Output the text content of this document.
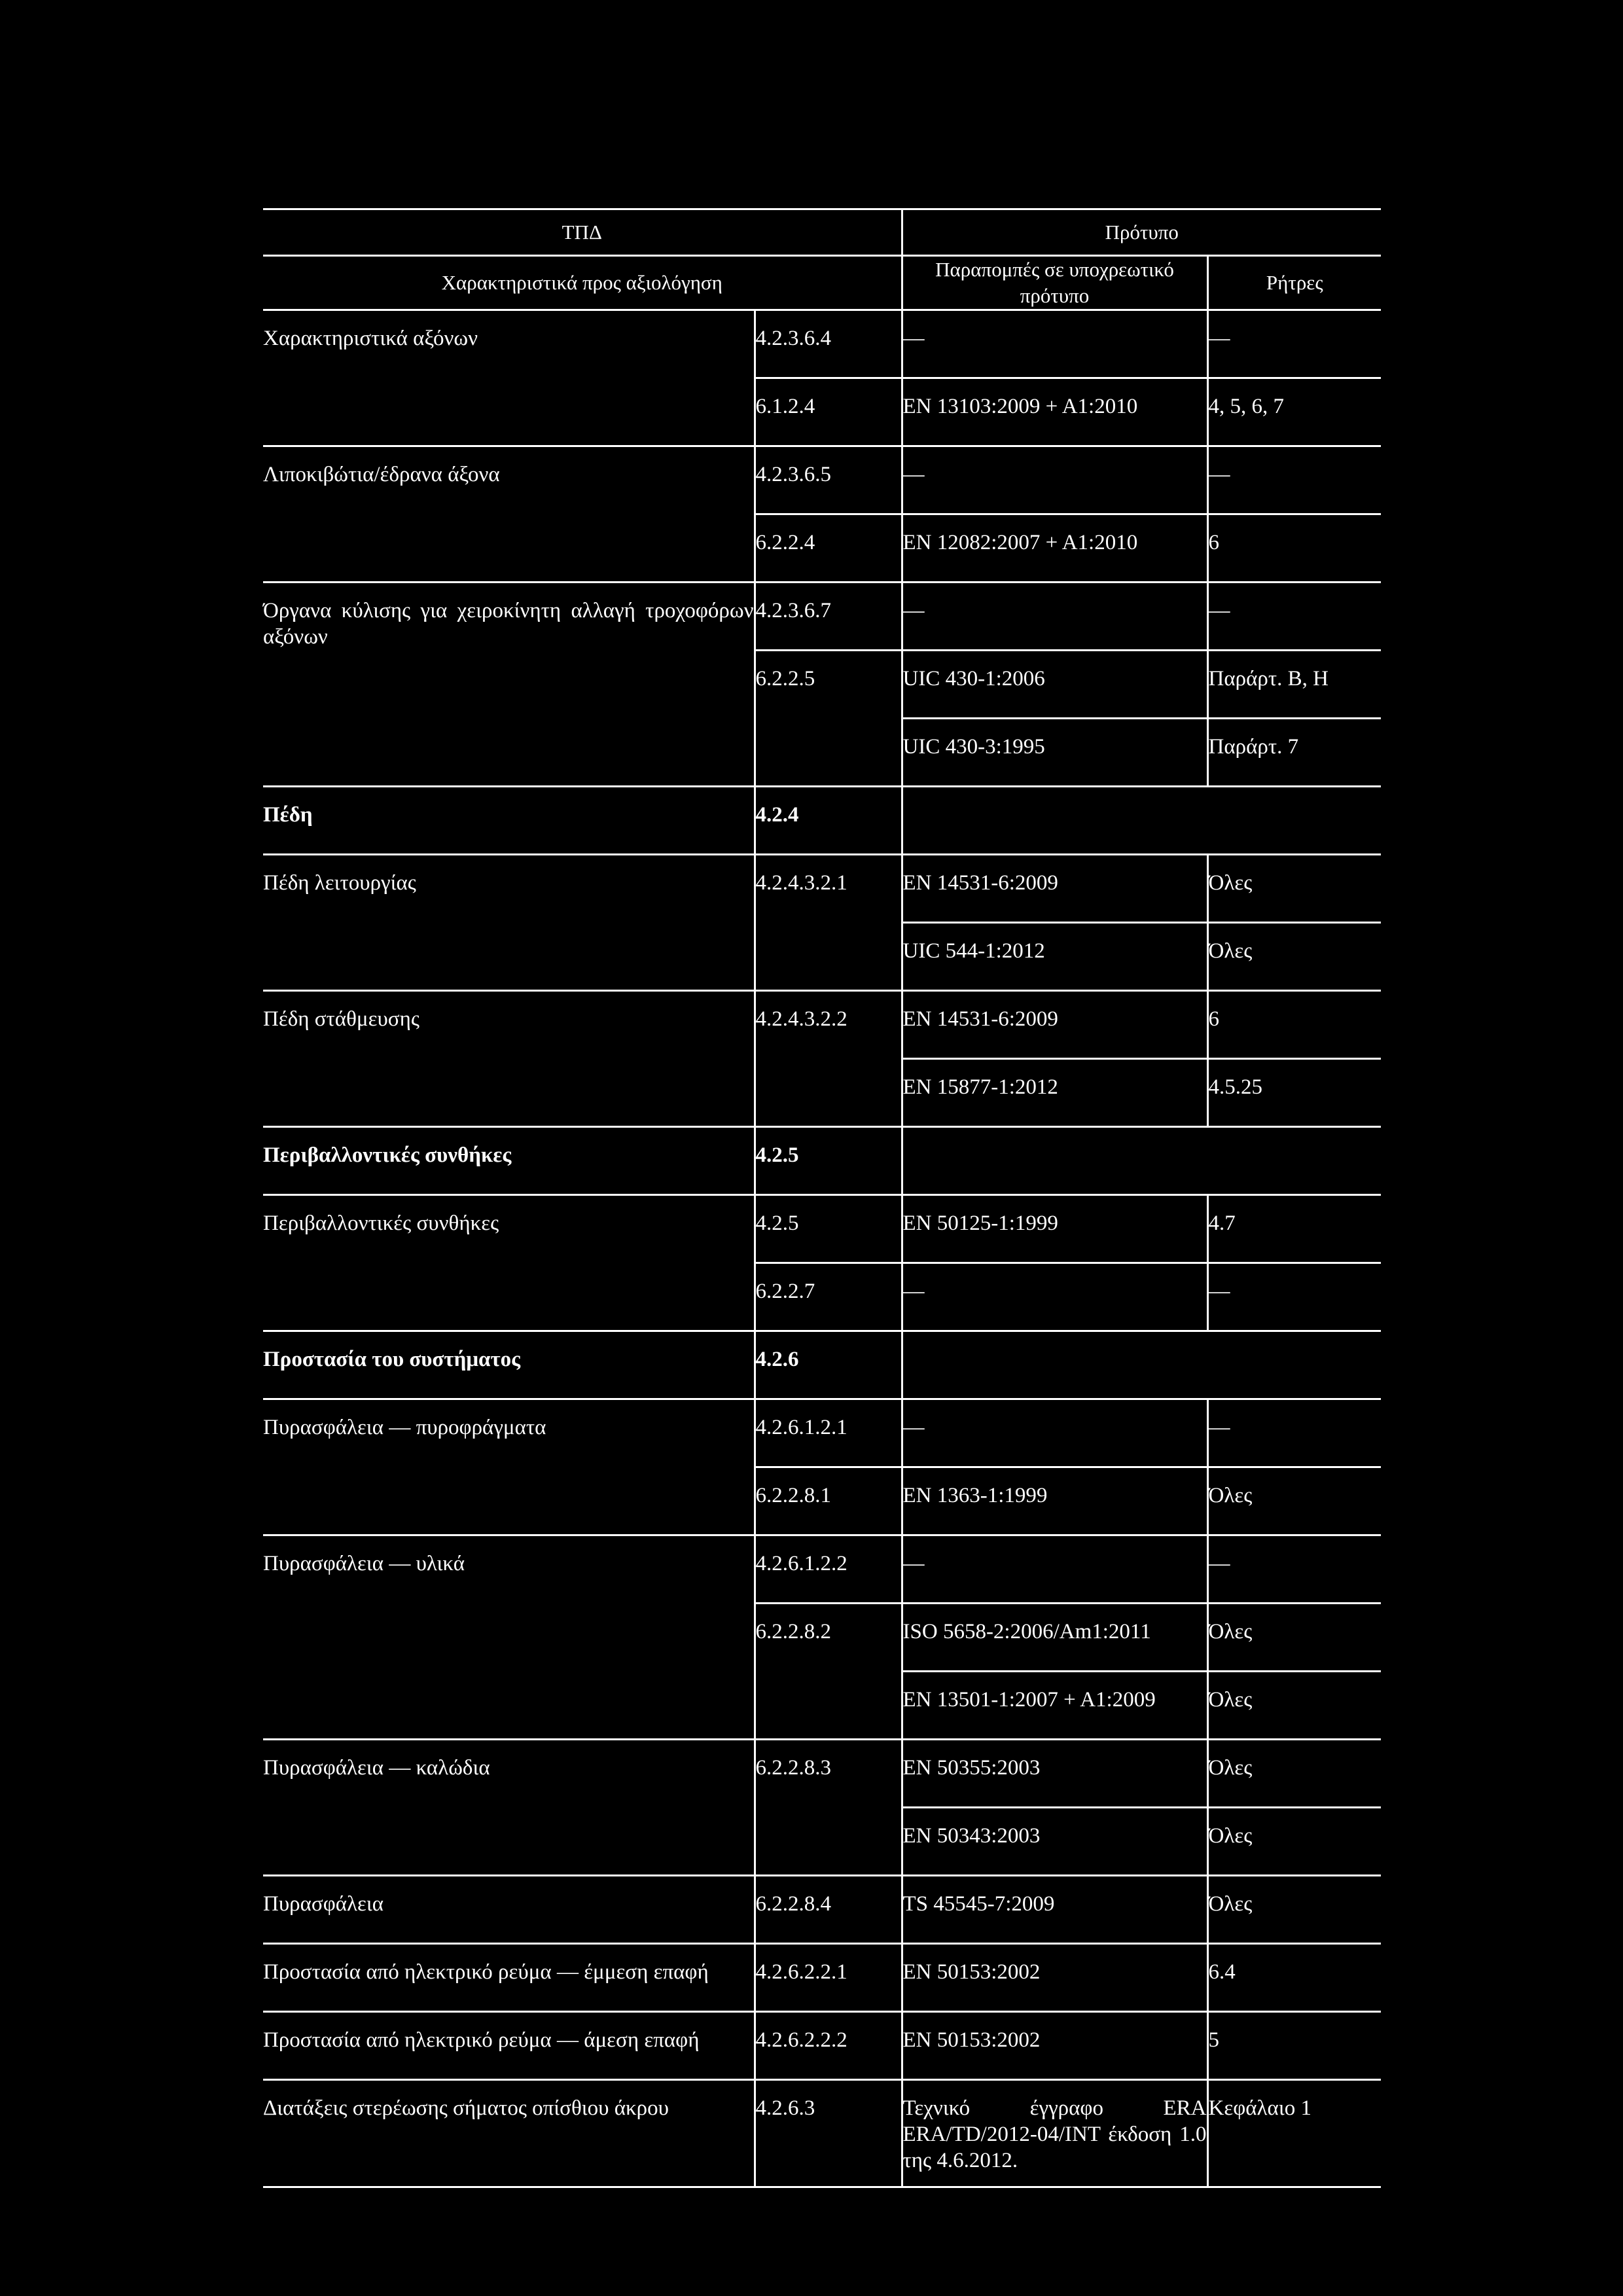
ΤΠΔ		Πρότυπο	
Χαρακτηριστικά προς αξιολόγηση		Παραπομπές σε υποχρεωτικό πρότυπο	Ρήτρες

Χαρακτηριστικά αξόνων	4.2.3.6.4	—	—

	6.1.2.4	EN 13103:2009 + A1:2010	4, 5, 6, 7

Λιποκιβώτια/έδρανα άξονα	4.2.3.6.5	—	—

	6.2.2.4	EN 12082:2007 + A1:2010	6

Όργανα κύλισης για χειροκίνητη αλλαγή τροχοφόρων αξόνων	4.2.3.6.7	—	—

	6.2.2.5	UIC 430-1:2006	Παράρτ. B, H

		UIC 430-3:1995	Παράρτ. 7

Πέδη	4.2.4		

Πέδη λειτουργίας	4.2.4.3.2.1	EN 14531-6:2009	Όλες

		UIC 544-1:2012	Όλες

Πέδη στάθμευσης	4.2.4.3.2.2	EN 14531-6:2009	6

		EN 15877-1:2012	4.5.25

Περιβαλλοντικές συνθήκες	4.2.5		

Περιβαλλοντικές συνθήκες	4.2.5	EN 50125-1:1999	4.7

	6.2.2.7	—	—

Προστασία του συστήματος	4.2.6		

Πυρασφάλεια — πυροφράγματα	4.2.6.1.2.1	—	—

	6.2.2.8.1	EN 1363-1:1999	Όλες

Πυρασφάλεια — υλικά	4.2.6.1.2.2	—	—

	6.2.2.8.2	ISO 5658-2:2006/Am1:2011	Όλες

		EN 13501-1:2007 + A1:2009	Όλες

Πυρασφάλεια — καλώδια	6.2.2.8.3	EN 50355:2003	Όλες

		EN 50343:2003	Όλες

Πυρασφάλεια	6.2.2.8.4	TS 45545-7:2009	Όλες

Προστασία από ηλεκτρικό ρεύμα — έμμεση επαφή	4.2.6.2.2.1	EN 50153:2002	6.4

Προστασία από ηλεκτρικό ρεύμα — άμεση επαφή	4.2.6.2.2.2	EN 50153:2002	5

Διατάξεις στερέωσης σήματος οπίσθιου άκρου	4.2.6.3	Τεχνικό έγγραφο ERA ERA/TD/2012-04/INT έκδοση 1.0 της 4.6.2012.	Κεφάλαιο 1
